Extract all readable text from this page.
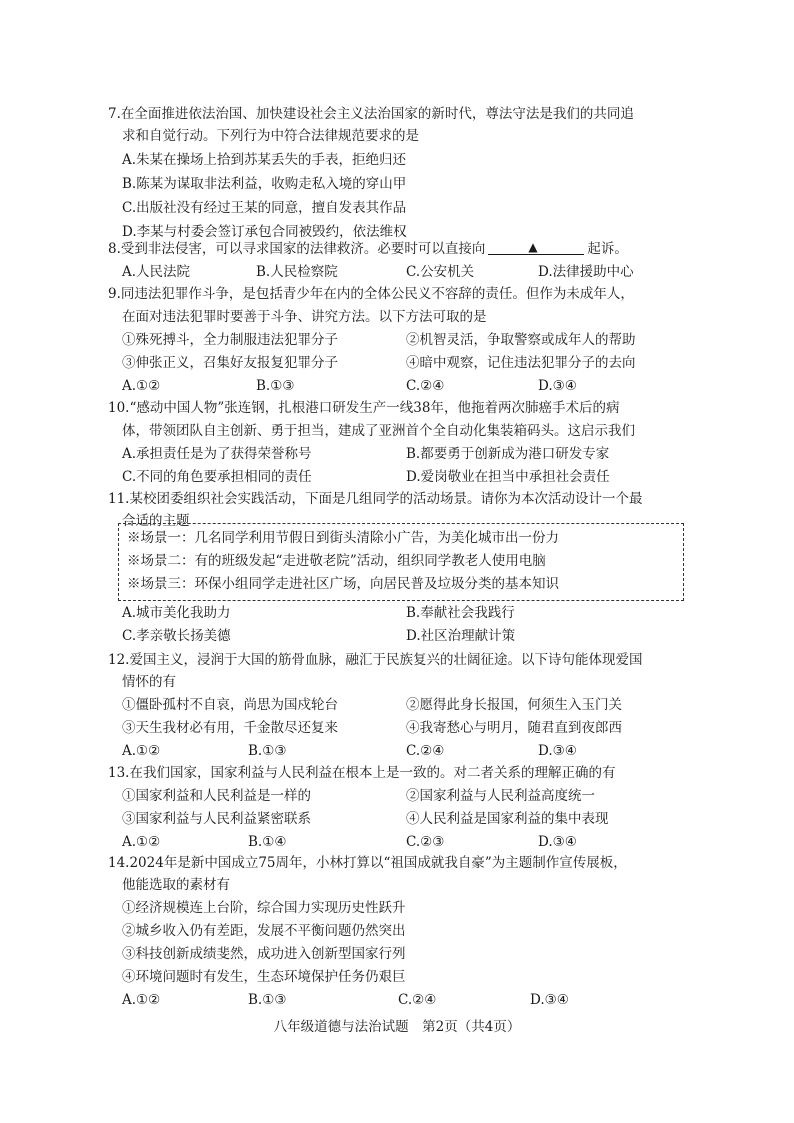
7.在全面推进依法治国、加快建设社会主义法治国家的新时代，尊法守法是我们的共同追
求和自觉行动。下列行为中符合法律规范要求的是
A.朱某在操场上拾到苏某丢失的手表，拒绝归还
B.陈某为谋取非法利益，收购走私入境的穿山甲
C.出版社没有经过王某的同意，擅自发表其作品
D.李某与村委会签订承包合同被毁约，依法维权
8.受到非法侵害，可以寻求国家的法律救济。必要时可以直接向	▲	起诉。
A.人民法院	B.人民检察院	C.公安机关	D.法律援助中心
9.同违法犯罪作斗争，是包括青少年在内的全体公民义不容辞的责任。但作为未成年人，
在面对违法犯罪时要善于斗争、讲究方法。以下方法可取的是
①殊死搏斗，全力制服违法犯罪分子	②机智灵活，争取警察或成年人的帮助
③伸张正义，召集好友报复犯罪分子	④暗中观察，记住违法犯罪分子的去向
A.①②	B.①③	C.②④	D.③④
10.“感动中国人物”张连钢，扎根港口研发生产一线38年，他拖着两次肺癌手术后的病
体，带领团队自主创新、勇于担当，建成了亚洲首个全自动化集装箱码头。这启示我们
A.承担责任是为了获得荣誉称号	B.都要勇于创新成为港口研发专家
C.不同的角色要承担相同的责任	D.爱岗敬业在担当中承担社会责任
11.某校团委组织社会实践活动，下面是几组同学的活动场景。请你为本次活动设计一个最
合适的主题
※场景一：几名同学利用节假日到街头清除小广告，为美化城市出一份力
※场景二：有的班级发起“走进敬老院”活动，组织同学教老人使用电脑
※场景三：环保小组同学走进社区广场，向居民普及垃圾分类的基本知识
A.城市美化我助力	B.奉献社会我践行
C.孝亲敬长扬美德	D.社区治理献计策
12.爱国主义，浸润于大国的筋骨血脉，融汇于民族复兴的壮阔征途。以下诗句能体现爱国
情怀的有
①僵卧孤村不自哀，尚思为国戍轮台	②愿得此身长报国，何须生入玉门关
③天生我材必有用，千金散尽还复来	④我寄愁心与明月，随君直到夜郎西
A.①②	B.①③	C.②④	D.③④
13.在我们国家，国家利益与人民利益在根本上是一致的。对二者关系的理解正确的有
①国家利益和人民利益是一样的	②国家利益与人民利益高度统一
③国家利益与人民利益紧密联系	④人民利益是国家利益的集中表现
A.①②	B.①④	C.②③	D.③④
14.2024年是新中国成立75周年，小林打算以“祖国成就我自豪”为主题制作宣传展板，
他能选取的素材有
①经济规模连上台阶，综合国力实现历史性跃升
②城乡收入仍有差距，发展不平衡问题仍然突出
③科技创新成绩斐然，成功进入创新型国家行列
④环境问题时有发生，生态环境保护任务仍艰巨
A.①②	B.①③	C.②④	D.③④
八年级道德与法治试题　第2页（共4页）
